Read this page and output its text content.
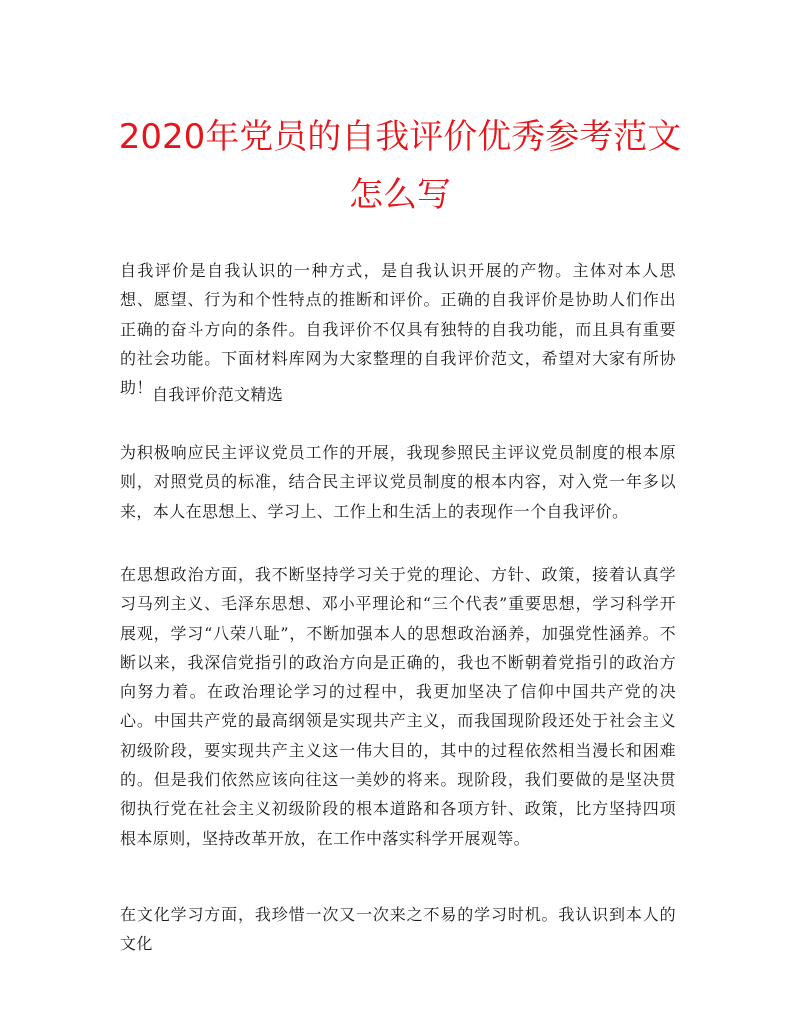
2020年党员的自我评价优秀参考范文怎么写

自我评价是自我认识的一种方式，是自我认识开展的产物。主体对本人思想、愿望、行为和个性特点的推断和评价。正确的自我评价是协助人们作出正确的奋斗方向的条件。自我评价不仅具有独特的自我功能，而且具有重要的社会功能。下面材料库网为大家整理的自我评价范文，希望对大家有所协助！ 自我评价范文精选

为积极响应民主评议党员工作的开展，我现参照民主评议党员制度的根本原则，对照党员的标准，结合民主评议党员制度的根本内容，对入党一年多以来，本人在思想上、学习上、工作上和生活上的表现作一个自我评价。

在思想政治方面，我不断坚持学习关于党的理论、方针、政策，接着认真学习马列主义、毛泽东思想、邓小平理论和“三个代表”重要思想，学习科学开展观，学习“八荣八耻”，不断加强本人的思想政治涵养，加强党性涵养。不断以来，我深信党指引的政治方向是正确的，我也不断朝着党指引的政治方向努力着。在政治理论学习的过程中，我更加坚决了信仰中国共产党的决心。中国共产党的最高纲领是实现共产主义，而我国现阶段还处于社会主义初级阶段，要实现共产主义这一伟大目的，其中的过程依然相当漫长和困难的。但是我们依然应该向往这一美妙的将来。现阶段，我们要做的是坚决贯彻执行党在社会主义初级阶段的根本道路和各项方针、政策，比方坚持四项根本原则，坚持改革开放，在工作中落实科学开展观等。

在文化学习方面，我珍惜一次又一次来之不易的学习时机。我认识到本人的文化
